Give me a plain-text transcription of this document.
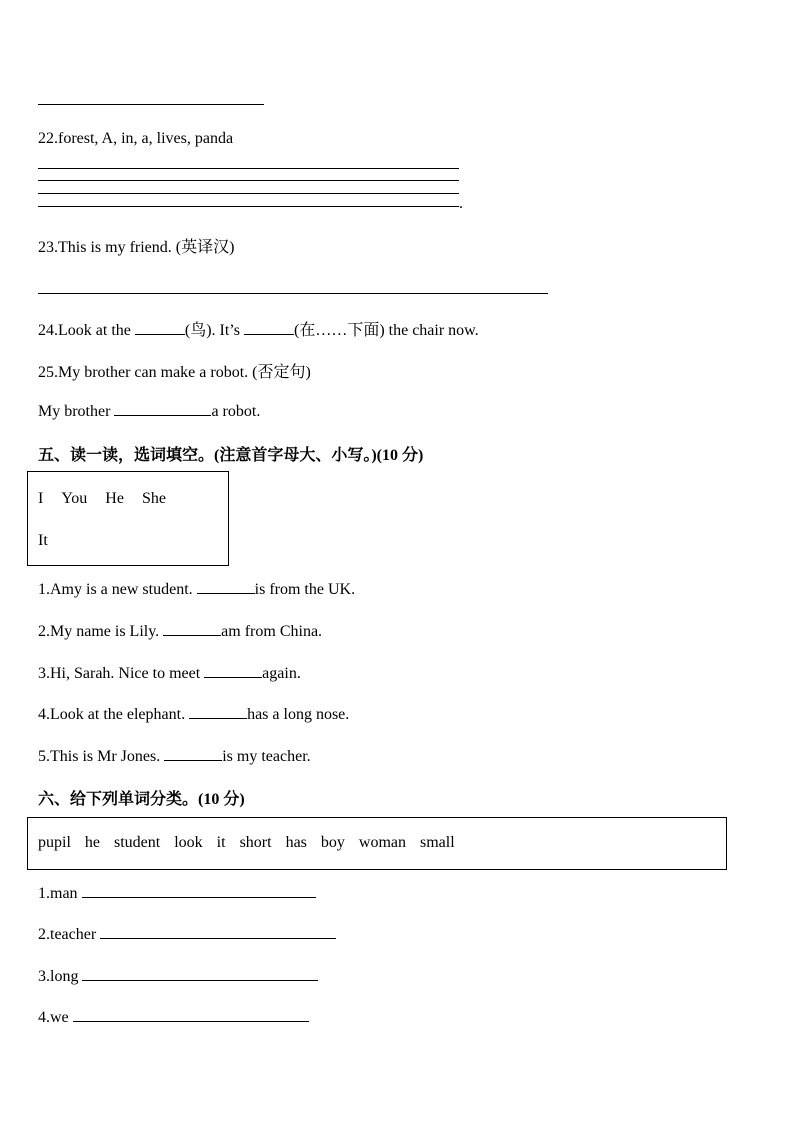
22.forest, A, in, a, lives, panda
.
23.This is my friend. (英译汉)
24.Look at the	(鸟). It’s	(在……下面) the chair now.
25.My brother can make a robot. (否定句)
My brother	a robot.
五、读一读，选词填空。(注意首字母大、小写。)(10 分)
I You He She
It
1.Amy is a new student.	is from the UK.
2.My name is Lily.	am from China.
3.Hi, Sarah. Nice to meet	again.
4.Look at the elephant.	has a long nose.
5.This is Mr Jones.	is my teacher.
六、给下列单词分类。(10 分)
pupil he student look it short has boy woman small
1.man
2.teacher
3.long
4.we
